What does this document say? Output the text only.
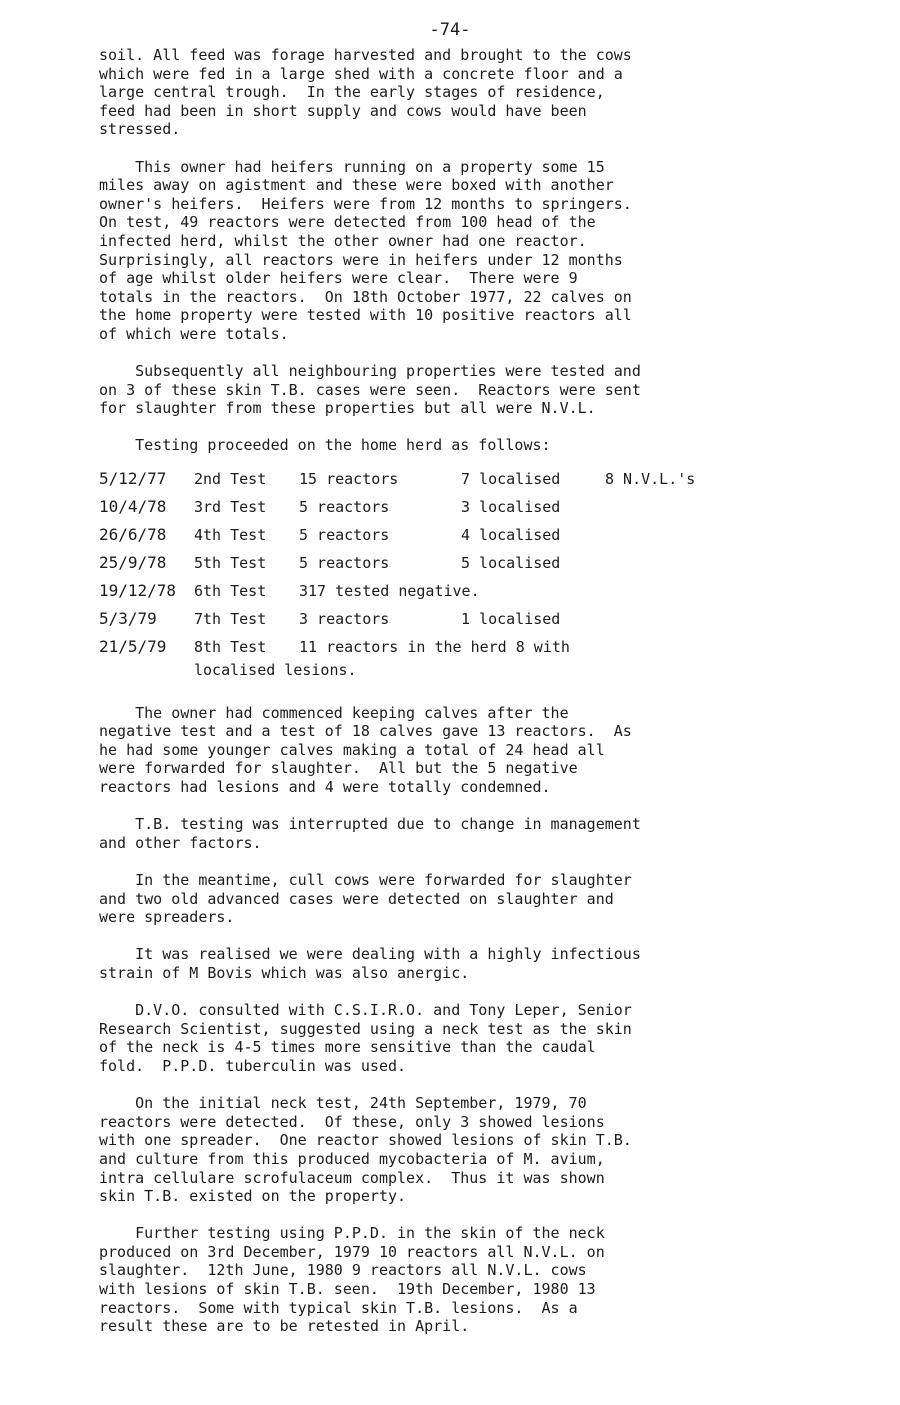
-74-

soil. All feed was forage harvested and brought to the cows
which were fed in a large shed with a concrete floor and a
large central trough.  In the early stages of residence,
feed had been in short supply and cows would have been
stressed.

This owner had heifers running on a property some 15
miles away on agistment and these were boxed with another
owner's heifers.  Heifers were from 12 months to springers.
On test, 49 reactors were detected from 100 head of the
infected herd, whilst the other owner had one reactor.
Surprisingly, all reactors were in heifers under 12 months
of age whilst older heifers were clear.  There were 9
totals in the reactors.  On 18th October 1977, 22 calves on
the home property were tested with 10 positive reactors all
of which were totals.

Subsequently all neighbouring properties were tested and
on 3 of these skin T.B. cases were seen.  Reactors were sent
for slaughter from these properties but all were N.V.L.

Testing proceeded on the home herd as follows:

5/12/77	2nd Test	15 reactors	7 localised	8 N.V.L.'s
10/4/78	3rd Test	5 reactors	3 localised
26/6/78	4th Test	5 reactors	4 localised
25/9/78	5th Test	5 reactors	5 localised
19/12/78	6th Test	317 tested negative.
5/3/79	7th Test	3 reactors	1 localised
21/5/79	8th Test	11 reactors in the herd 8 with
localised lesions.

The owner had commenced keeping calves after the
negative test and a test of 18 calves gave 13 reactors.  As
he had some younger calves making a total of 24 head all
were forwarded for slaughter.  All but the 5 negative
reactors had lesions and 4 were totally condemned.

T.B. testing was interrupted due to change in management
and other factors.

In the meantime, cull cows were forwarded for slaughter
and two old advanced cases were detected on slaughter and
were spreaders.

It was realised we were dealing with a highly infectious
strain of M Bovis which was also anergic.

D.V.O. consulted with C.S.I.R.O. and Tony Leper, Senior
Research Scientist, suggested using a neck test as the skin
of the neck is 4-5 times more sensitive than the caudal
fold.  P.P.D. tuberculin was used.

On the initial neck test, 24th September, 1979, 70
reactors were detected.  Of these, only 3 showed lesions
with one spreader.  One reactor showed lesions of skin T.B.
and culture from this produced mycobacteria of M. avium,
intra cellulare scrofulaceum complex.  Thus it was shown
skin T.B. existed on the property.

Further testing using P.P.D. in the skin of the neck
produced on 3rd December, 1979 10 reactors all N.V.L. on
slaughter.  12th June, 1980 9 reactors all N.V.L. cows
with lesions of skin T.B. seen.  19th December, 1980 13
reactors.  Some with typical skin T.B. lesions.  As a
result these are to be retested in April.
